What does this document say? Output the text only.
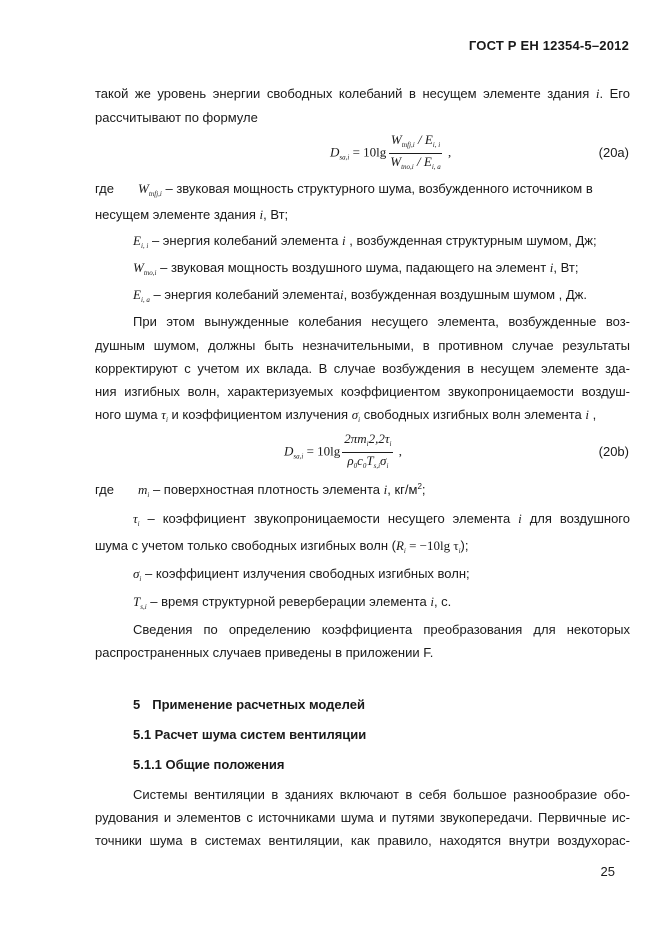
ГОСТ Р ЕН 12354-5–2012
такой же уровень энергии свободных колебаний в несущем элементе здания i. Его
рассчитывают по формуле
$D_{sa,i} = 10\lg \frac{W_{tnfj,i} / E_{i, i}}{W_{tno,i} / E_{i, a}}$ ,	(20a)
где $W_{tnfj,i}$ – звуковая мощность структурного шума, возбужденного источником в
несущем элементе здания i, Вт;
$E_{i, i}$ – энергия колебаний элемента i , возбужденная структурным шумом, Дж;
$W_{tno,i}$ – звуковая мощность воздушного шума, падающего на элемент i, Вт;
$E_{i, a}$ – энергия колебаний элементаi, возбужденная воздушным шумом , Дж.
При этом вынужденные колебания несущего элемента, возбужденные воз-
душным шумом, должны быть незначительными, в противном случае результаты
корректируют с учетом их вклада. В случае возбуждения в несущем элементе зда-
ния изгибных волн, характеризуемых коэффициентом звукопроницаемости воздуш-
ного шума $\tau_i$ и коэффициентом излучения $\sigma_i$ свободных изгибных волн элемента i ,
$D_{sa,i} = 10\lg \frac{2\pi m_i2,2\tau_i}{\rho_0c_0T_{s,i}\sigma_i}$ ,	(20b)
где $m_i$ – поверхностная плотность элемента i, $кг/м^2$;
$\tau_i$ – коэффициент звукопроницаемости несущего элемента i для воздушного
шума с учетом только свободных изгибных волн ($R_i = -10\lg$ $\tau_i$);
$\sigma_i$ – коэффициент излучения свободных изгибных волн;
$T_{s,i}$ – время структурной реверберации элемента i, с.
Сведения по определению коэффициента преобразования для некоторых
распространенных случаев приведены в приложении F.
5 Применение расчетных моделей
5.1 Расчет шума систем вентиляции
5.1.1 Общие положения
Системы вентиляции в зданиях включают в себя большое разнообразие обо-
рудования и элементов с источниками шума и путями звукопередачи. Первичные ис-
точники шума в системах вентиляции, как правило, находятся внутри воздухорас-
25
